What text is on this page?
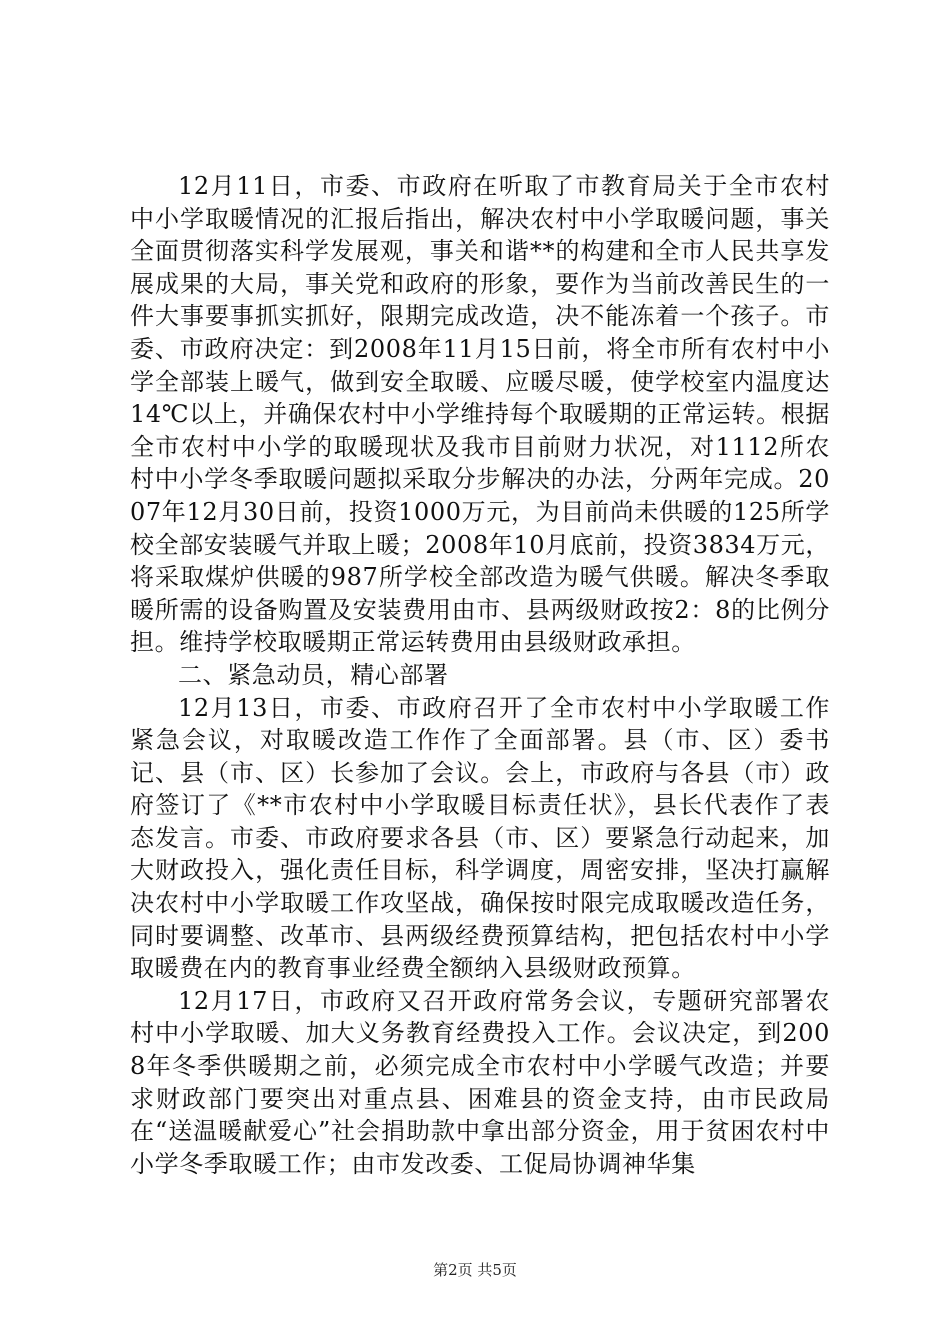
12月11日，市委、市政府在听取了市教育局关于全市农村中小学取暖情况的汇报后指出，解决农村中小学取暖问题，事关全面贯彻落实科学发展观，事关和谐**的构建和全市人民共享发展成果的大局，事关党和政府的形象，要作为当前改善民生的一件大事要事抓实抓好，限期完成改造，决不能冻着一个孩子。市委、市政府决定：到2008年11月15日前，将全市所有农村中小学全部装上暖气，做到安全取暖、应暖尽暖，使学校室内温度达14℃以上，并确保农村中小学维持每个取暖期的正常运转。根据全市农村中小学的取暖现状及我市目前财力状况，对1112所农村中小学冬季取暖问题拟采取分步解决的办法，分两年完成。2007年12月30日前，投资1000万元，为目前尚未供暖的125所学校全部安装暖气并取上暖；2008年10月底前，投资3834万元，将采取煤炉供暖的987所学校全部改造为暖气供暖。解决冬季取暖所需的设备购置及安装费用由市、县两级财政按2：8的比例分担。维持学校取暖期正常运转费用由县级财政承担。

二、紧急动员，精心部署

12月13日，市委、市政府召开了全市农村中小学取暖工作紧急会议，对取暖改造工作作了全面部署。县（市、区）委书记、县（市、区）长参加了会议。会上，市政府与各县（市）政府签订了《**市农村中小学取暖目标责任状》，县长代表作了表态发言。市委、市政府要求各县（市、区）要紧急行动起来，加大财政投入，强化责任目标，科学调度，周密安排，坚决打赢解决农村中小学取暖工作攻坚战，确保按时限完成取暖改造任务，同时要调整、改革市、县两级经费预算结构，把包括农村中小学取暖费在内的教育事业经费全额纳入县级财政预算。

12月17日，市政府又召开政府常务会议，专题研究部署农村中小学取暖、加大义务教育经费投入工作。会议决定，到2008年冬季供暖期之前，必须完成全市农村中小学暖气改造；并要求财政部门要突出对重点县、困难县的资金支持，由市民政局在“送温暖献爱心”社会捐助款中拿出部分资金，用于贫困农村中小学冬季取暖工作；由市发改委、工促局协调神华集

第2页 共5页
